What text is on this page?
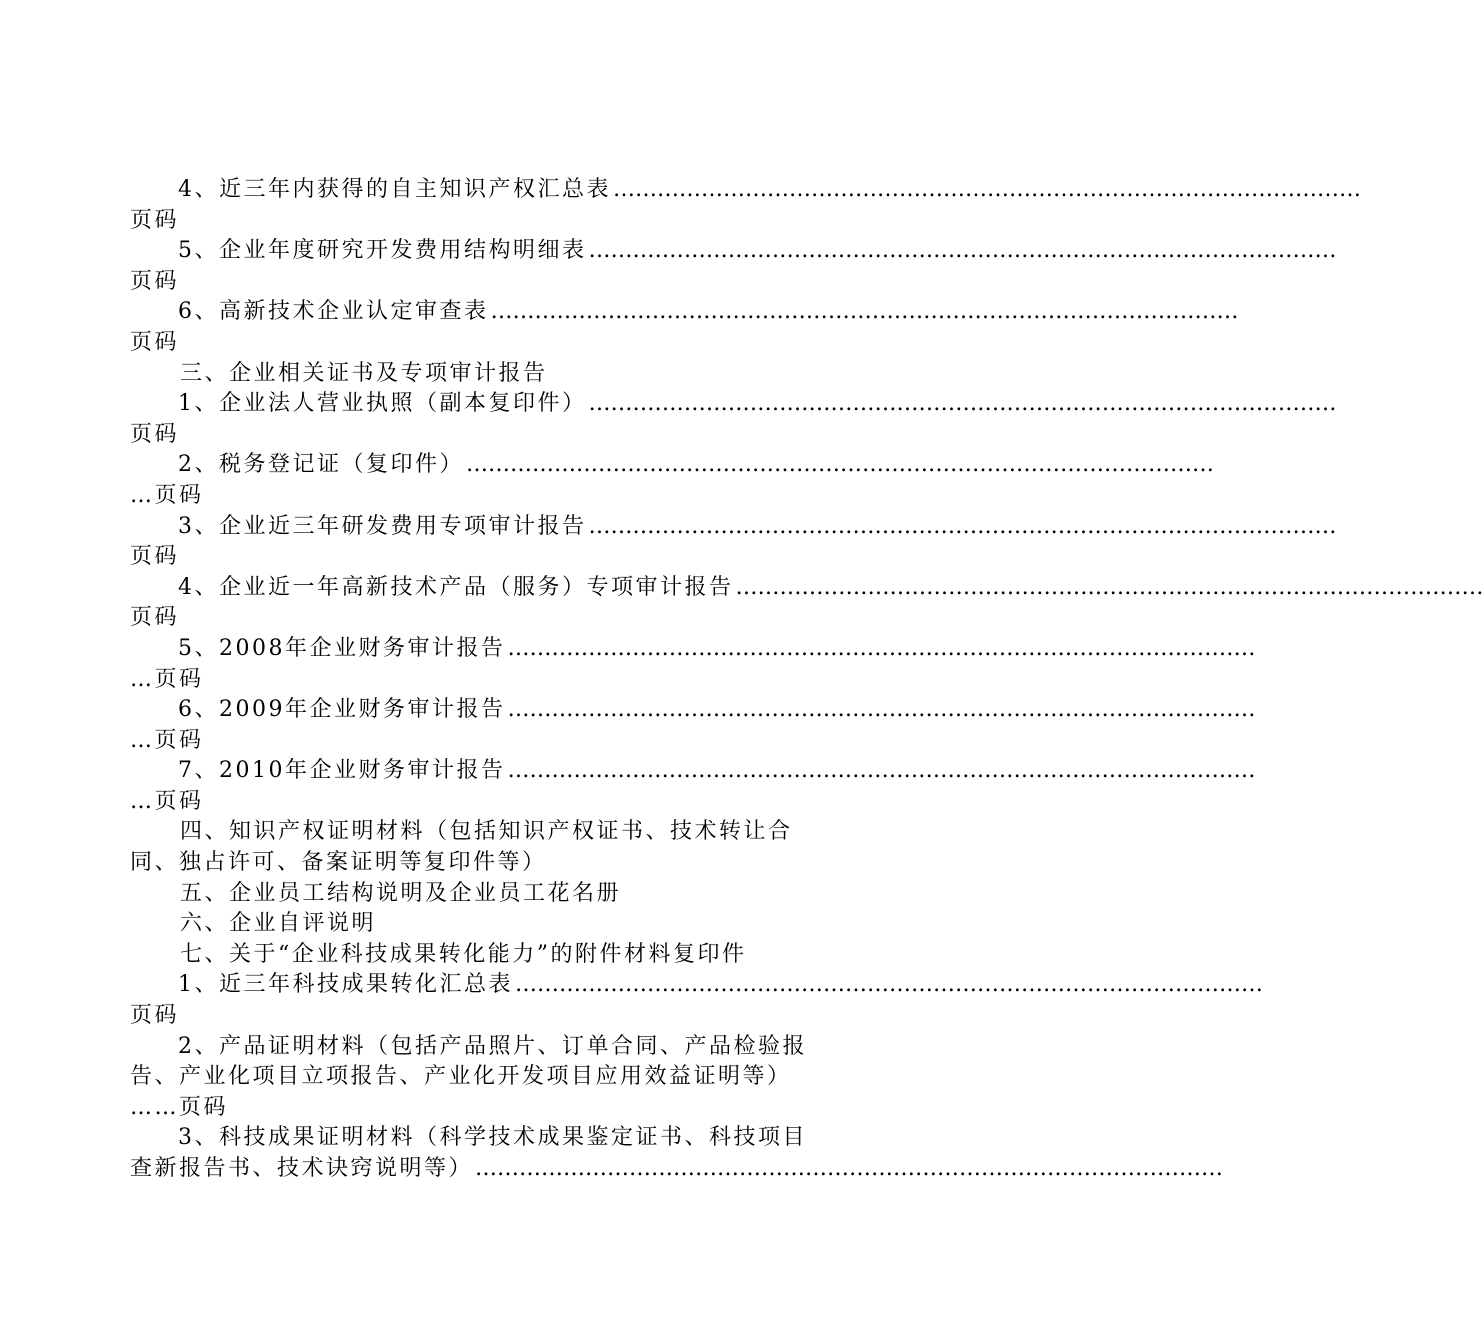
4、近三年内获得的自主知识产权汇总表 …………………………………………………………………………………………
页码
5、企业年度研究开发费用结构明细表 …………………………………………………………………………………………
页码
6、高新技术企业认定审查表 …………………………………………………………………………………………
页码
三、企业相关证书及专项审计报告
1、企业法人营业执照（副本复印件） …………………………………………………………………………………………
页码
2、税务登记证（复印件） …………………………………………………………………………………………
…页码
3、企业近三年研发费用专项审计报告 …………………………………………………………………………………………
页码
4、企业近一年高新技术产品（服务）专项审计报告 …………………………………………………………………………………………
页码
5、2008年企业财务审计报告 …………………………………………………………………………………………
…页码
6、2009年企业财务审计报告 …………………………………………………………………………………………
…页码
7、2010年企业财务审计报告 …………………………………………………………………………………………
…页码
四、知识产权证明材料（包括知识产权证书、技术转让合
同、独占许可、备案证明等复印件等）
五、企业员工结构说明及企业员工花名册
六、企业自评说明
七、关于“企业科技成果转化能力”的附件材料复印件
1、近三年科技成果转化汇总表 …………………………………………………………………………………………
页码
2、产品证明材料（包括产品照片、订单合同、产品检验报
告、产业化项目立项报告、产业化开发项目应用效益证明等）
……页码
3、科技成果证明材料（科学技术成果鉴定证书、科技项目
查新报告书、技术诀窍说明等） …………………………………………………………………………………………
